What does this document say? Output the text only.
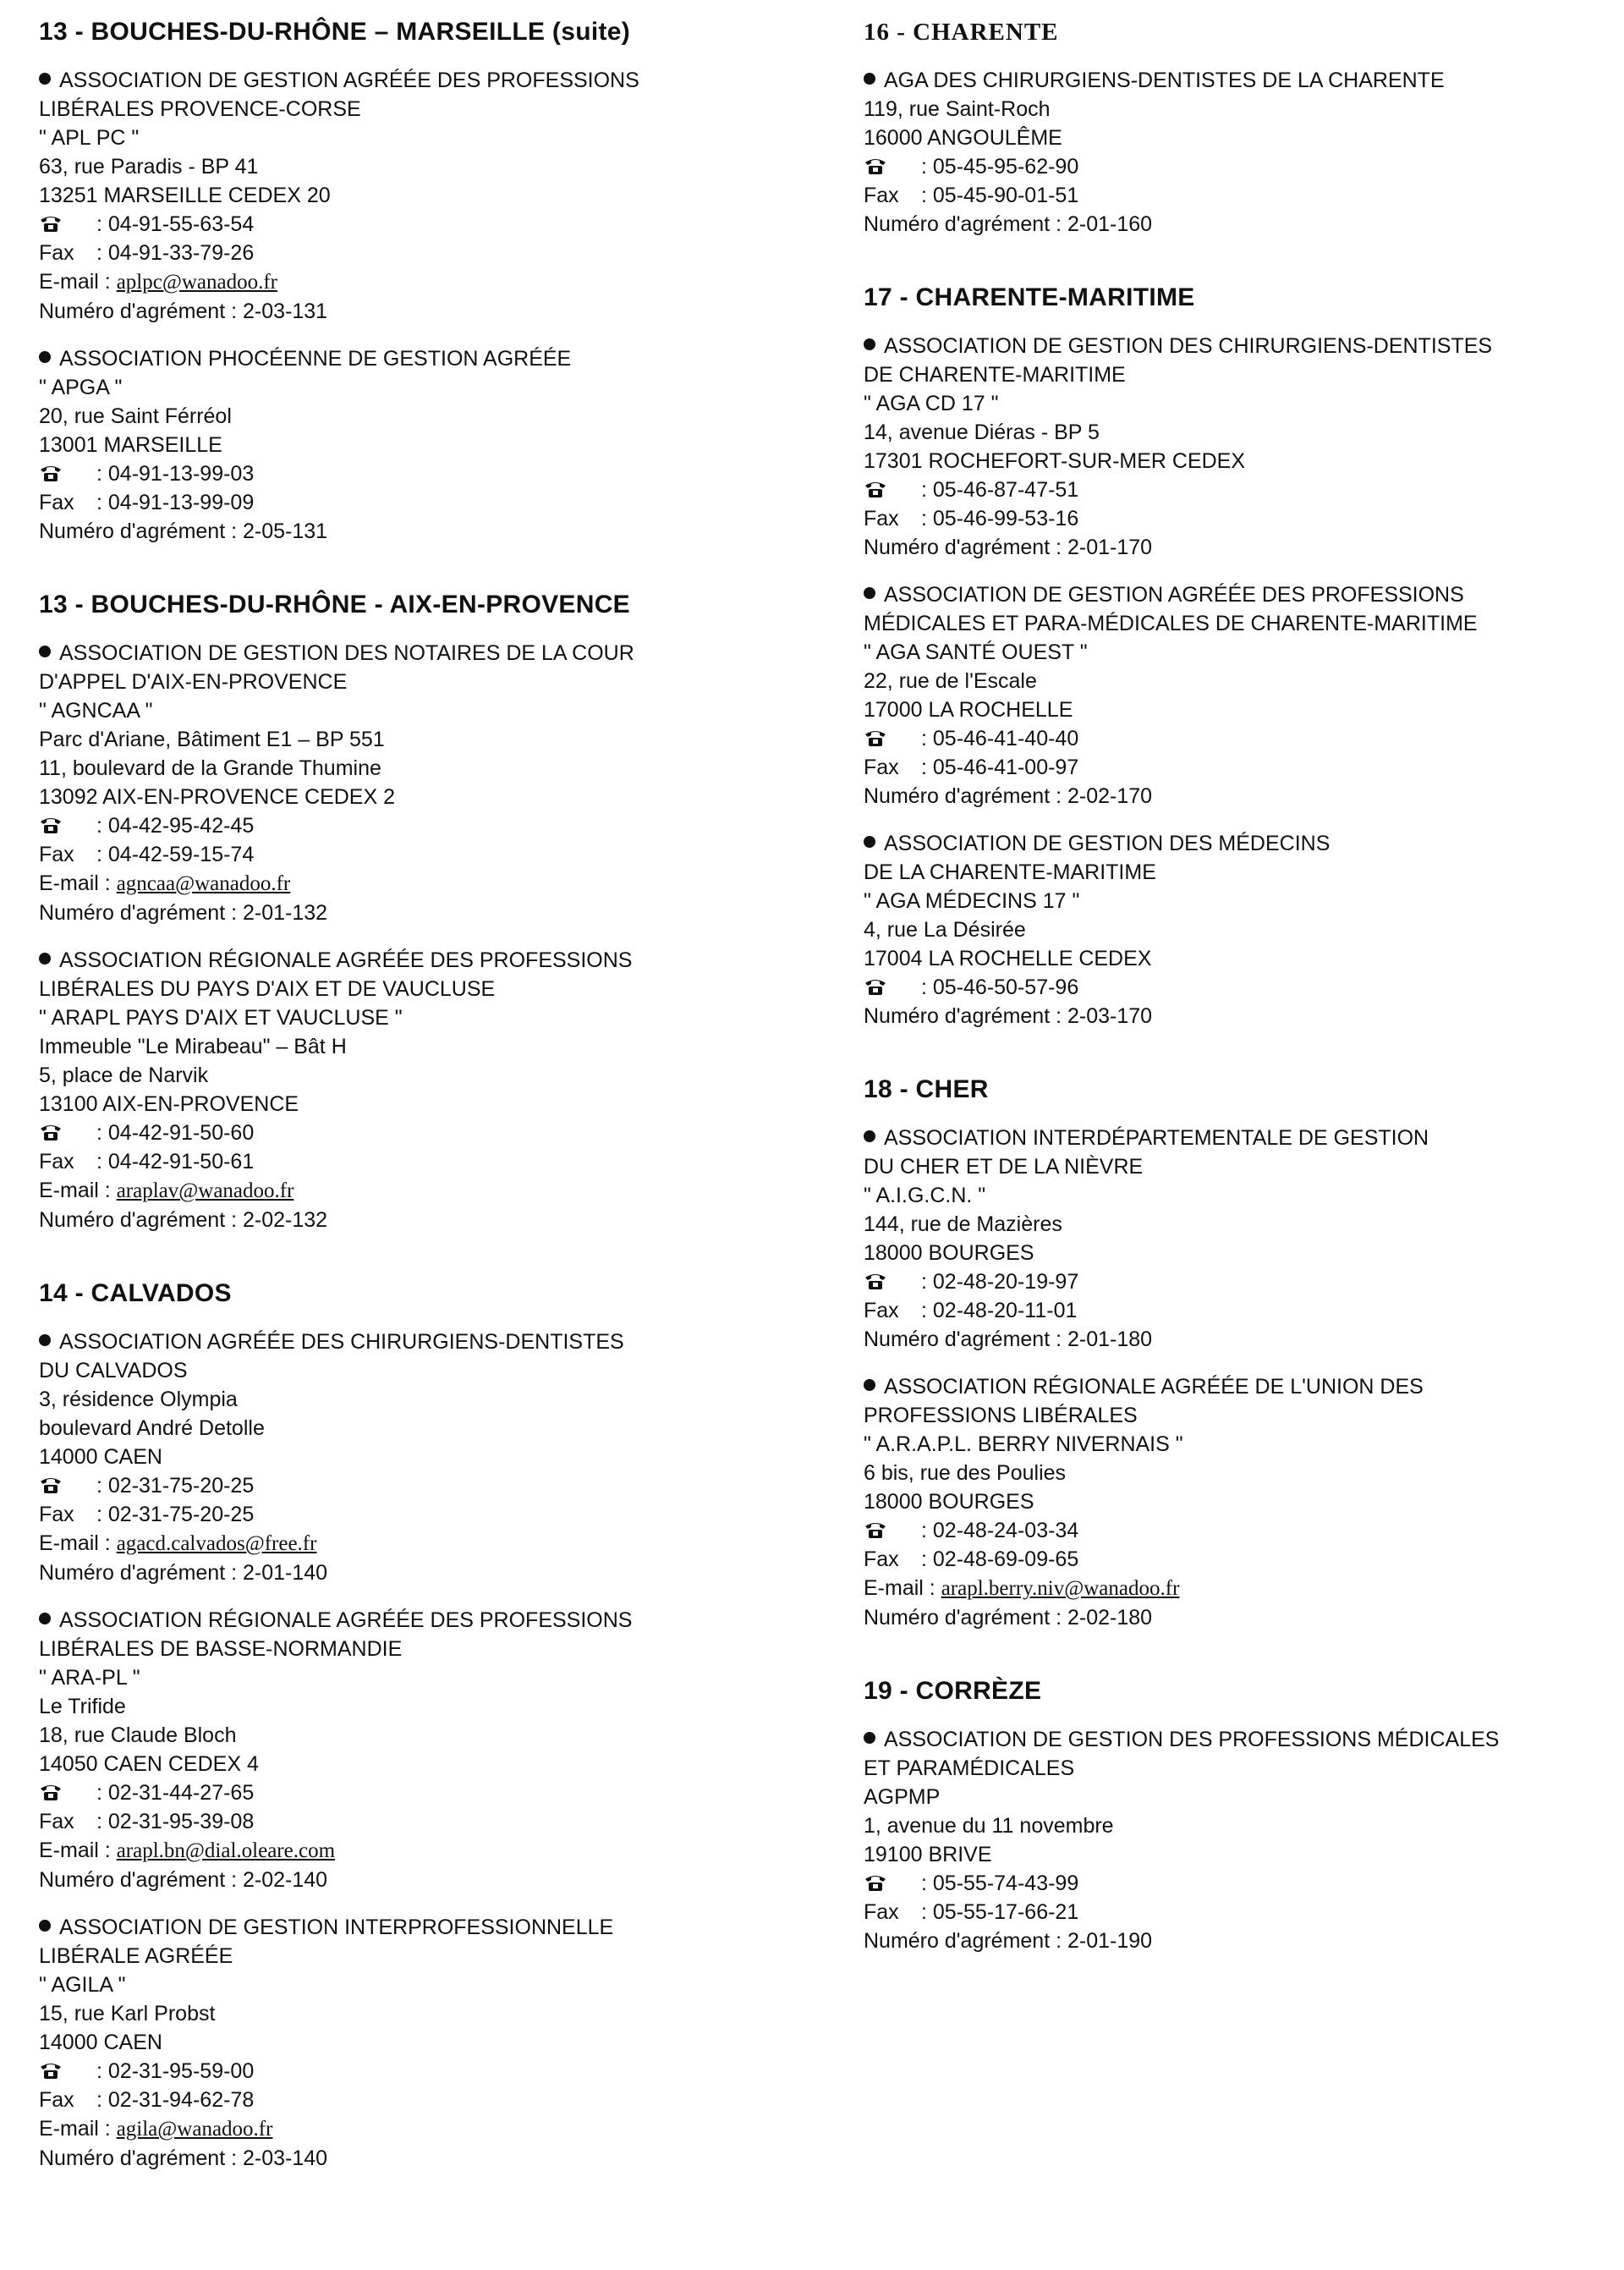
13 - BOUCHES-DU-RHÔNE – MARSEILLE (suite)
ASSOCIATION DE GESTION AGRÉÉE DES PROFESSIONS
LIBÉRALES PROVENCE-CORSE
" APL PC "
63, rue Paradis - BP 41
13251 MARSEILLE CEDEX 20
: 04-91-55-63-54
Fax : 04-91-33-79-26
E-mail : aplpc@wanadoo.fr
Numéro d'agrément : 2-03-131
ASSOCIATION PHOCÉENNE DE GESTION AGRÉÉE
" APGA "
20, rue Saint Férréol
13001 MARSEILLE
: 04-91-13-99-03
Fax : 04-91-13-99-09
Numéro d'agrément : 2-05-131
13 - BOUCHES-DU-RHÔNE - AIX-EN-PROVENCE
ASSOCIATION DE GESTION DES NOTAIRES DE LA COUR
D'APPEL D'AIX-EN-PROVENCE
" AGNCAA "
Parc d'Ariane, Bâtiment E1 – BP 551
11, boulevard de la Grande Thumine
13092 AIX-EN-PROVENCE CEDEX 2
: 04-42-95-42-45
Fax : 04-42-59-15-74
E-mail : agncaa@wanadoo.fr
Numéro d'agrément : 2-01-132
ASSOCIATION RÉGIONALE AGRÉÉE DES PROFESSIONS
LIBÉRALES DU PAYS D'AIX ET DE VAUCLUSE
" ARAPL PAYS D'AIX ET VAUCLUSE "
Immeuble "Le Mirabeau" – Bât H
5, place de Narvik
13100 AIX-EN-PROVENCE
: 04-42-91-50-60
Fax : 04-42-91-50-61
E-mail : araplav@wanadoo.fr
Numéro d'agrément : 2-02-132
14 - CALVADOS
ASSOCIATION AGRÉÉE DES CHIRURGIENS-DENTISTES
DU CALVADOS
3, résidence Olympia
boulevard André Detolle
14000 CAEN
: 02-31-75-20-25
Fax : 02-31-75-20-25
E-mail : agacd.calvados@free.fr
Numéro d'agrément : 2-01-140
ASSOCIATION RÉGIONALE AGRÉÉE DES PROFESSIONS
LIBÉRALES DE BASSE-NORMANDIE
" ARA-PL "
Le Trifide
18, rue Claude Bloch
14050 CAEN CEDEX 4
: 02-31-44-27-65
Fax : 02-31-95-39-08
E-mail : arapl.bn@dial.oleare.com
Numéro d'agrément : 2-02-140
ASSOCIATION DE GESTION INTERPROFESSIONNELLE
LIBÉRALE AGRÉÉE
" AGILA "
15, rue Karl Probst
14000 CAEN
: 02-31-95-59-00
Fax : 02-31-94-62-78
E-mail : agila@wanadoo.fr
Numéro d'agrément : 2-03-140
16 - CHARENTE
AGA DES CHIRURGIENS-DENTISTES DE LA CHARENTE
119, rue Saint-Roch
16000 ANGOULÊME
: 05-45-95-62-90
Fax : 05-45-90-01-51
Numéro d'agrément : 2-01-160
17 - CHARENTE-MARITIME
ASSOCIATION DE GESTION DES CHIRURGIENS-DENTISTES
DE CHARENTE-MARITIME
" AGA CD 17 "
14, avenue Diéras - BP 5
17301 ROCHEFORT-SUR-MER CEDEX
: 05-46-87-47-51
Fax : 05-46-99-53-16
Numéro d'agrément : 2-01-170
ASSOCIATION DE GESTION AGRÉÉE DES PROFESSIONS
MÉDICALES ET PARA-MÉDICALES DE CHARENTE-MARITIME
" AGA SANTÉ OUEST "
22, rue de l'Escale
17000 LA ROCHELLE
: 05-46-41-40-40
Fax : 05-46-41-00-97
Numéro d'agrément : 2-02-170
ASSOCIATION DE GESTION DES MÉDECINS
DE LA CHARENTE-MARITIME
" AGA MÉDECINS 17 "
4, rue La Désirée
17004 LA ROCHELLE CEDEX
: 05-46-50-57-96
Numéro d'agrément : 2-03-170
18 - CHER
ASSOCIATION INTERDÉPARTEMENTALE DE GESTION
DU CHER ET DE LA NIÈVRE
" A.I.G.C.N. "
144, rue de Mazières
18000 BOURGES
: 02-48-20-19-97
Fax : 02-48-20-11-01
Numéro d'agrément : 2-01-180
ASSOCIATION RÉGIONALE AGRÉÉE DE L'UNION DES
PROFESSIONS LIBÉRALES
" A.R.A.P.L. BERRY NIVERNAIS "
6 bis, rue des Poulies
18000 BOURGES
: 02-48-24-03-34
Fax : 02-48-69-09-65
E-mail : arapl.berry.niv@wanadoo.fr
Numéro d'agrément : 2-02-180
19 - CORRÈZE
ASSOCIATION DE GESTION DES PROFESSIONS MÉDICALES
ET PARAMÉDICALES
AGPMP
1, avenue du 11 novembre
19100 BRIVE
: 05-55-74-43-99
Fax : 05-55-17-66-21
Numéro d'agrément : 2-01-190
